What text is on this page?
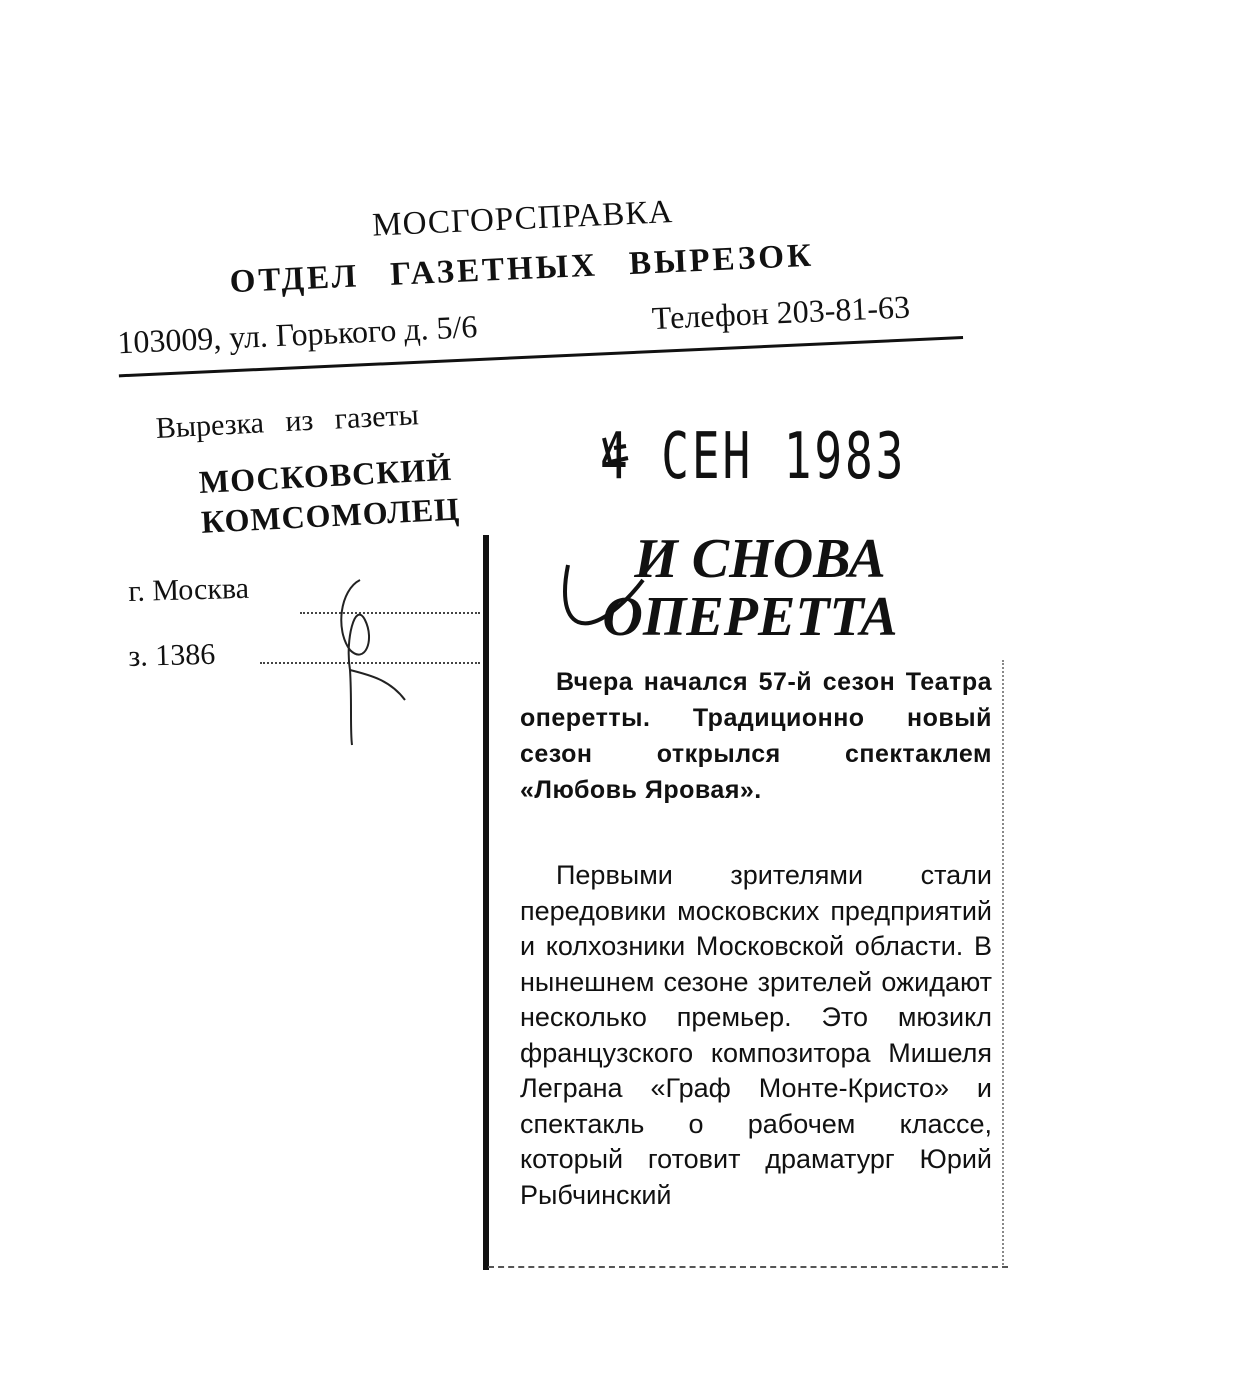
МОСГОРСПРАВКА
ОТДЕЛ ГАЗЕТНЫХ ВЫРЕЗОК
103009, ул. Горького д. 5/6	Телефон 203-81-63
Вырезка из газеты
МОСКОВСКИЙ
КОМСОМОЛЕЦ
г. Москва
з. 1386
4 СЕН 1983
И СНОВА
ОПЕРЕТТА
Вчера начался 57-й сезон Театра оперетты. Традиционно новый сезон открылся спектаклем «Любовь Яровая».
Первыми зрителями стали передовики московских предприятий и колхозники Московской области. В нынешнем сезоне зрителей ожидают несколько премьер. Это мюзикл французского композитора Мишеля Леграна «Граф Монте-Кристо» и спектакль о рабочем классе, который готовит драматург Юрий Рыбчинский
